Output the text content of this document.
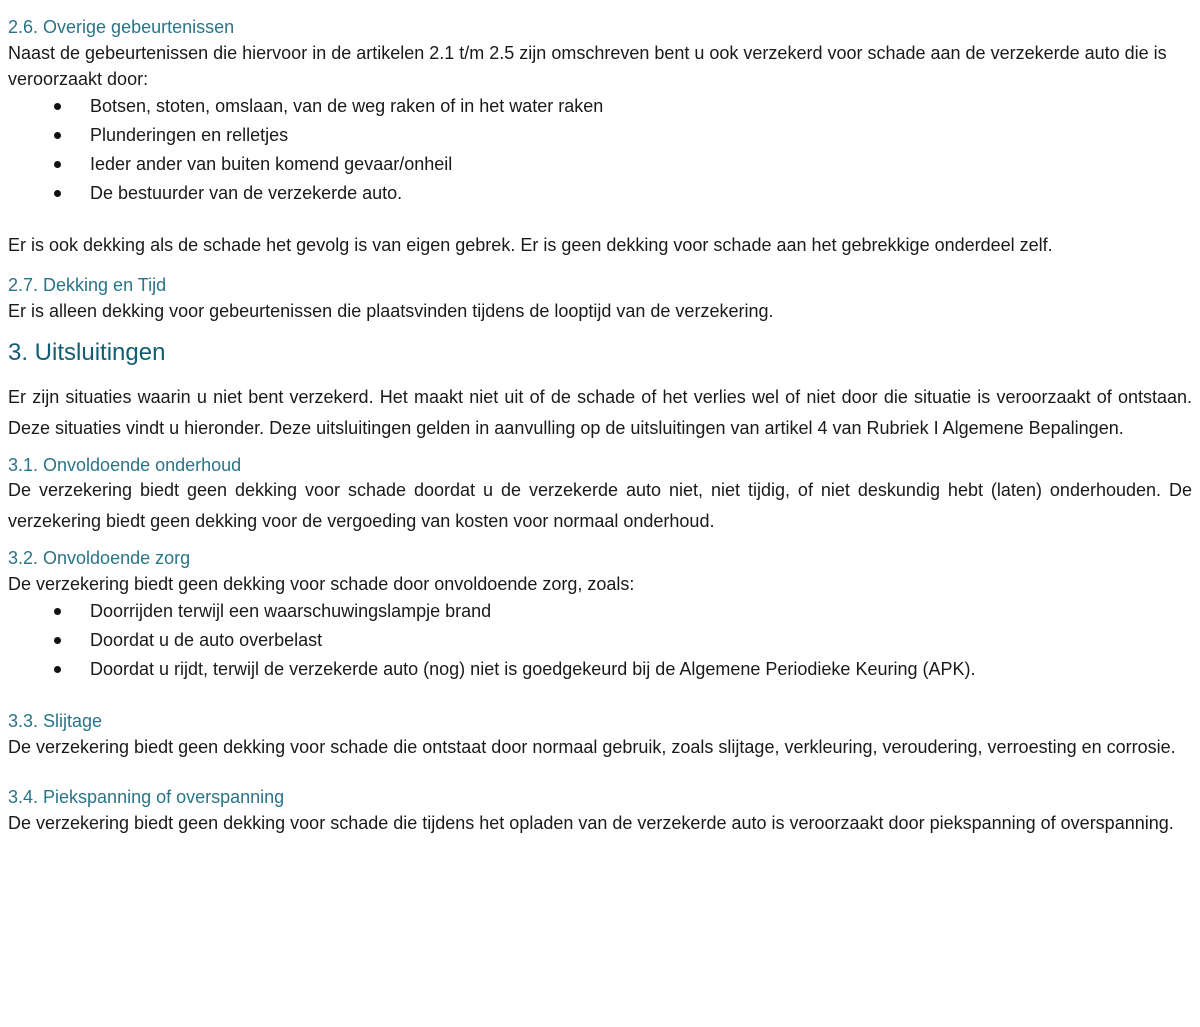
2.6. Overige gebeurtenissen

Naast de gebeurtenissen die hiervoor in de artikelen 2.1 t/m 2.5 zijn omschreven bent u ook verzekerd voor schade aan de verzekerde auto die is veroorzaakt door:

Botsen, stoten, omslaan, van de weg raken of in het water raken
Plunderingen en relletjes
Ieder ander van buiten komend gevaar/onheil
De bestuurder van de verzekerde auto.

Er is ook dekking als de schade het gevolg is van eigen gebrek. Er is geen dekking voor schade aan het gebrekkige onderdeel zelf.

2.7. Dekking en Tijd

Er is alleen dekking voor gebeurtenissen die plaatsvinden tijdens de looptijd van de verzekering.

3. Uitsluitingen

Er zijn situaties waarin u niet bent verzekerd. Het maakt niet uit of de schade of het verlies wel of niet door die situatie is veroorzaakt of ontstaan. Deze situaties vindt u hieronder. Deze uitsluitingen gelden in aanvulling op de uitsluitingen van artikel 4 van Rubriek I Algemene Bepalingen.

3.1. Onvoldoende onderhoud

De verzekering biedt geen dekking voor schade doordat u de verzekerde auto niet, niet tijdig, of niet deskundig hebt (laten) onderhouden. De verzekering biedt geen dekking voor de vergoeding van kosten voor normaal onderhoud.

3.2. Onvoldoende zorg

De verzekering biedt geen dekking voor schade door onvoldoende zorg, zoals:

Doorrijden terwijl een waarschuwingslampje brand
Doordat u de auto overbelast
Doordat u rijdt, terwijl de verzekerde auto (nog) niet is goedgekeurd bij de Algemene Periodieke Keuring (APK).

3.3. Slijtage

De verzekering biedt geen dekking voor schade die ontstaat door normaal gebruik, zoals slijtage, verkleuring, veroudering, verroesting en corrosie.

3.4. Piekspanning of overspanning

De verzekering biedt geen dekking voor schade die tijdens het opladen van de verzekerde auto is veroorzaakt door piekspanning of overspanning.
